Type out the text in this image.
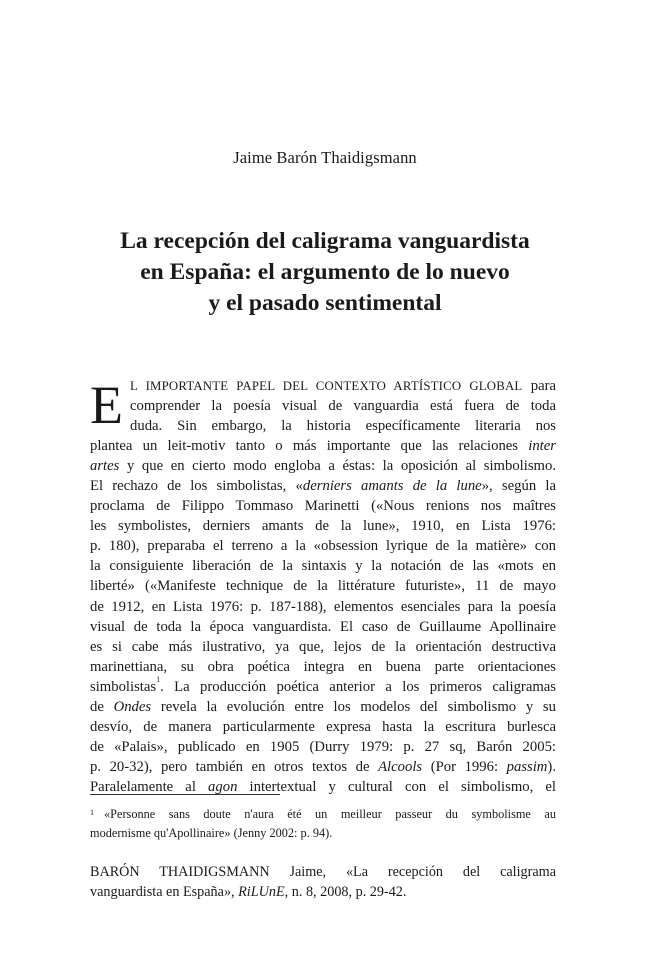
Jaime Barón Thaidigsmann
La recepción del caligrama vanguardista
en España: el argumento de lo nuevo
y el pasado sentimental
E L IMPORTANTE PAPEL DEL CONTEXTO ARTÍSTICO GLOBAL para
comprender la poesía visual de vanguardia está fuera de toda
duda. Sin embargo, la historia específicamente literaria nos
plantea un leit-motiv tanto o más importante que las relaciones inter
artes y que en cierto modo engloba a éstas: la oposición al simbolismo.
El rechazo de los simbolistas, «derniers amants de la lune», según la
proclama de Filippo Tommaso Marinetti («Nous renions nos maîtres
les symbolistes, derniers amants de la lune», 1910, en Lista 1976:
p. 180), preparaba el terreno a la «obsession lyrique de la matière» con
la consiguiente liberación de la sintaxis y la notación de las «mots en
liberté» («Manifeste technique de la littérature futuriste», 11 de mayo
de 1912, en Lista 1976: p. 187-188), elementos esenciales para la poesía
visual de toda la época vanguardista. El caso de Guillaume Apollinaire
es si cabe más ilustrativo, ya que, lejos de la orientación destructiva
marinettiana, su obra poética integra en buena parte orientaciones
simbolistas$^1$. La producción poética anterior a los primeros caligramas
de Ondes revela la evolución entre los modelos del simbolismo y su
desvío, de manera particularmente expresa hasta la escritura burlesca
de «Palais», publicado en 1905 (Durry 1979: p. 27 sq, Barón 2005:
p. 20-32), pero también en otros textos de Alcools (Por 1996: passim).
Paralelamente al agon intertextual y cultural con el simbolismo, el
$^1$ «Personne sans doute n'aura été un meilleur passeur du symbolisme au
modernisme qu'Apollinaire» (Jenny 2002: p. 94).
BARÓN THAIDIGSMANN Jaime, «La recepción del caligrama
vanguardista en España», RiLUnE, n. 8, 2008, p. 29-42.
